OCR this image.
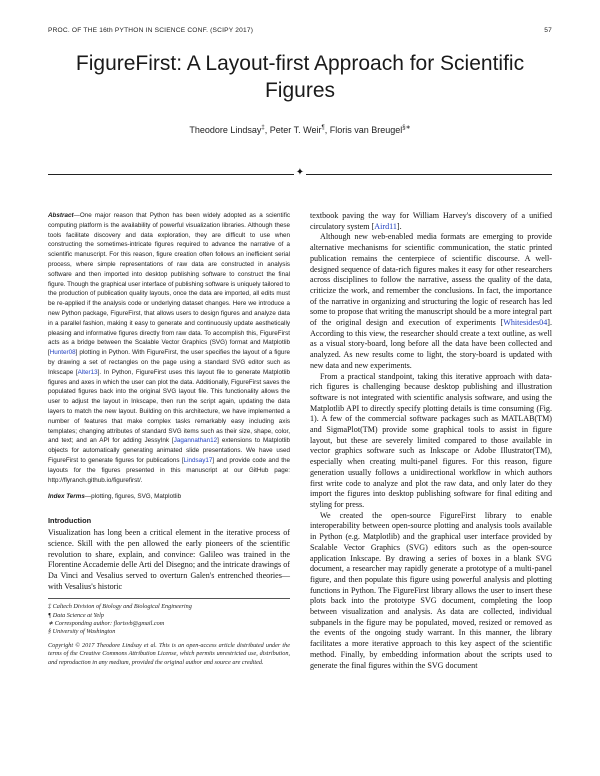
PROC. OF THE 16th PYTHON IN SCIENCE CONF. (SCIPY 2017)	57
FigureFirst: A Layout-first Approach for Scientific Figures
Theodore Lindsay‡, Peter T. Weir¶, Floris van Breugel§∗
✦

Abstract—One major reason that Python has been widely adopted as a scientific computing platform is the availability of powerful visualization libraries. Although these tools facilitate discovery and data exploration, they are difficult to use when constructing the sometimes-intricate figures required to advance the narrative of a scientific manuscript. For this reason, figure creation often follows an inefficient serial process, where simple representations of raw data are constructed in analysis software and then imported into desktop publishing software to construct the final figure. Though the graphical user interface of publishing software is uniquely tailored to the production of publication quality layouts, once the data are imported, all edits must be re-applied if the analysis code or underlying dataset changes. Here we introduce a new Python package, FigureFirst, that allows users to design figures and analyze data in a parallel fashion, making it easy to generate and continuously update aesthetically pleasing and informative figures directly from raw data. To accomplish this, FigureFirst acts as a bridge between the Scalable Vector Graphics (SVG) format and Matplotlib [Hunter08] plotting in Python. With FigureFirst, the user specifies the layout of a figure by drawing a set of rectangles on the page using a standard SVG editor such as Inkscape [Alter13]. In Python, FigureFirst uses this layout file to generate Matplotlib figures and axes in which the user can plot the data. Additionally, FigureFirst saves the populated figures back into the original SVG layout file. This functionality allows the user to adjust the layout in Inkscape, then run the script again, updating the data layers to match the new layout. Building on this architecture, we have implemented a number of features that make complex tasks remarkably easy including axis templates; changing attributes of standard SVG items such as their size, shape, color, and text; and an API for adding JessyInk [Jagannathan12] extensions to Matplotlib objects for automatically generating animated slide presentations. We have used FigureFirst to generate figures for publications [Lindsay17] and provide code and the layouts for the figures presented in this manuscript at our GitHub page: http://flyranch.github.io/figurefirst/.

Index Terms—plotting, figures, SVG, Matplotlib

Introduction

Visualization has long been a critical element in the iterative process of science. Skill with the pen allowed the early pioneers of the scientific revolution to share, explain, and convince: Galileo was trained in the Florentine Accademie delle Arti del Disegno; and the intricate drawings of Da Vinci and Vesalius served to overturn Galen's entrenched theories—with Vesalius's historic

‡ Caltech Division of Biology and Biological Engineering

¶ Data Science at Yelp

∗ Corresponding author: florisvb@gmail.com

§ University of Washington

Copyright © 2017 Theodore Lindsay et al. This is an open-access article distributed under the terms of the Creative Commons Attribution License, which permits unrestricted use, distribution, and reproduction in any medium, provided the original author and source are credited.

textbook paving the way for William Harvey's discovery of a unified circulatory system [Aird11].

Although new web-enabled media formats are emerging to provide alternative mechanisms for scientific communication, the static printed publication remains the centerpiece of scientific discourse. A well-designed sequence of data-rich figures makes it easy for other researchers across disciplines to follow the narrative, assess the quality of the data, criticize the work, and remember the conclusions. In fact, the importance of the narrative in organizing and structuring the logic of research has led some to propose that writing the manuscript should be a more integral part of the original design and execution of experiments [Whitesides04]. According to this view, the researcher should create a text outline, as well as a visual story-board, long before all the data have been collected and analyzed. As new results come to light, the story-board is updated with new data and new experiments.

From a practical standpoint, taking this iterative approach with data-rich figures is challenging because desktop publishing and illustration software is not integrated with scientific analysis software, and using the Matplotlib API to directly specify plotting details is time consuming (Fig. 1). A few of the commercial software packages such as MATLAB(TM) and SigmaPlot(TM) provide some graphical tools to assist in figure layout, but these are severely limited compared to those available in vector graphics software such as Inkscape or Adobe Illustrator(TM), especially when creating multi-panel figures. For this reason, figure generation usually follows a unidirectional workflow in which authors first write code to analyze and plot the raw data, and only later do they import the figures into desktop publishing software for final editing and styling for press.

We created the open-source FigureFirst library to enable interoperability between open-source plotting and analysis tools available in Python (e.g. Matplotlib) and the graphical user interface provided by Scalable Vector Graphics (SVG) editors such as the open-source application Inkscape. By drawing a series of boxes in a blank SVG document, a researcher may rapidly generate a prototype of a multi-panel figure, and then populate this figure using powerful analysis and plotting functions in Python. The FigureFirst library allows the user to insert these plots back into the prototype SVG document, completing the loop between visualization and analysis. As data are collected, individual subpanels in the figure may be populated, moved, resized or removed as the events of the ongoing study warrant. In this manner, the library facilitates a more iterative approach to this key aspect of the scientific method. Finally, by embedding information about the scripts used to generate the final figures within the SVG document
